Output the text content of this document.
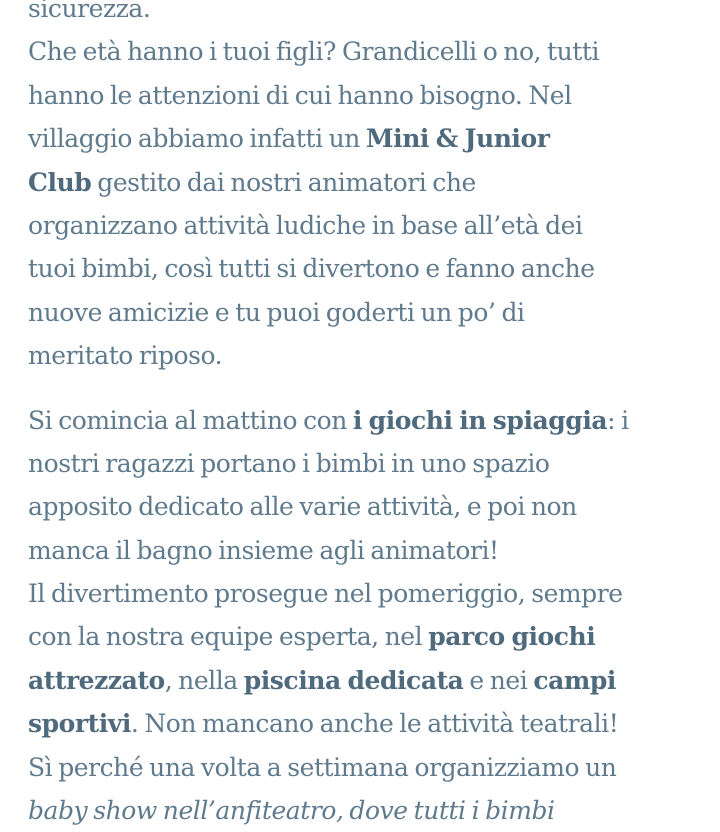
sicurezza.
Che età hanno i tuoi figli? Grandicelli o no, tutti
hanno le attenzioni di cui hanno bisogno. Nel
villaggio abbiamo infatti un Mini & Junior
Club gestito dai nostri animatori che
organizzano attività ludiche in base all’età dei
tuoi bimbi, così tutti si divertono e fanno anche
nuove amicizie e tu puoi goderti un po’ di
meritato riposo.
Si comincia al mattino con i giochi in spiaggia: i
nostri ragazzi portano i bimbi in uno spazio
apposito dedicato alle varie attività, e poi non
manca il bagno insieme agli animatori!
Il divertimento prosegue nel pomeriggio, sempre
con la nostra equipe esperta, nel parco giochi
attrezzato, nella piscina dedicata e nei campi
sportivi. Non mancano anche le attività teatrali!
Sì perché una volta a settimana organizziamo un
baby show nell’anfiteatro, dove tutti i bimbi
